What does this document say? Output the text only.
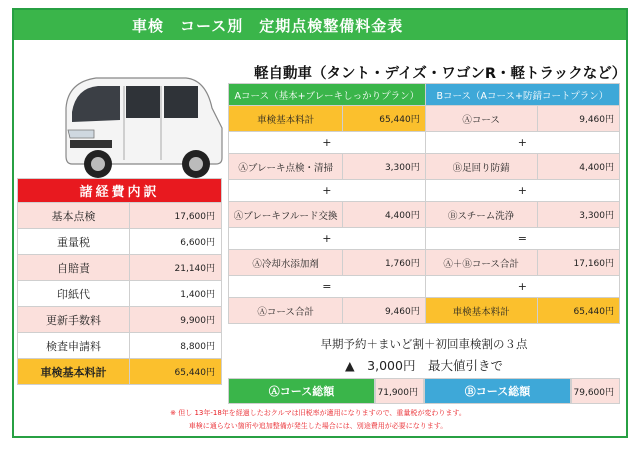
車検　コース別　定期点検整備料金表
軽自動車（タント・デイズ・ワゴンR・軽トラックなど）
諸経費内訳	
基本点検	17,600円
重量税	6,600円
自賠責	21,140円
印紙代	1,400円
更新手数料	9,900円
検査申請料	8,800円
車検基本料計	65,440円
Aコース（基本+ブレーキしっかりプラン）		Bコース（Aコース+防錆コートプラン）	
車検基本料計	65,440円	Ⓐコース	9,460円
+		+	
Ⓐブレーキ点検・清掃	3,300円	Ⓑ足回り防錆	4,400円
+		+	
Ⓐブレーキフルード交換	4,400円	Ⓑスチーム洗浄	3,300円
+		=	
Ⓐ冷却水添加剤	1,760円	Ⓐ＋Ⓑコース合計	17,160円
=		+	
Ⓐコース合計	9,460円	車検基本料計	65,440円
早期予約＋まいど割＋初回車検割の３点
▲　3,000円　最大値引きで
Ⓐコース総額	71,900円	Ⓑコース総額	79,600円
※ 但し 13年-18年を経過したおクルマは旧税率が適用になりますので、重量税が変わります。
車検に通らない箇所や追加整備が発生した場合には、別途費用が必要になります。
